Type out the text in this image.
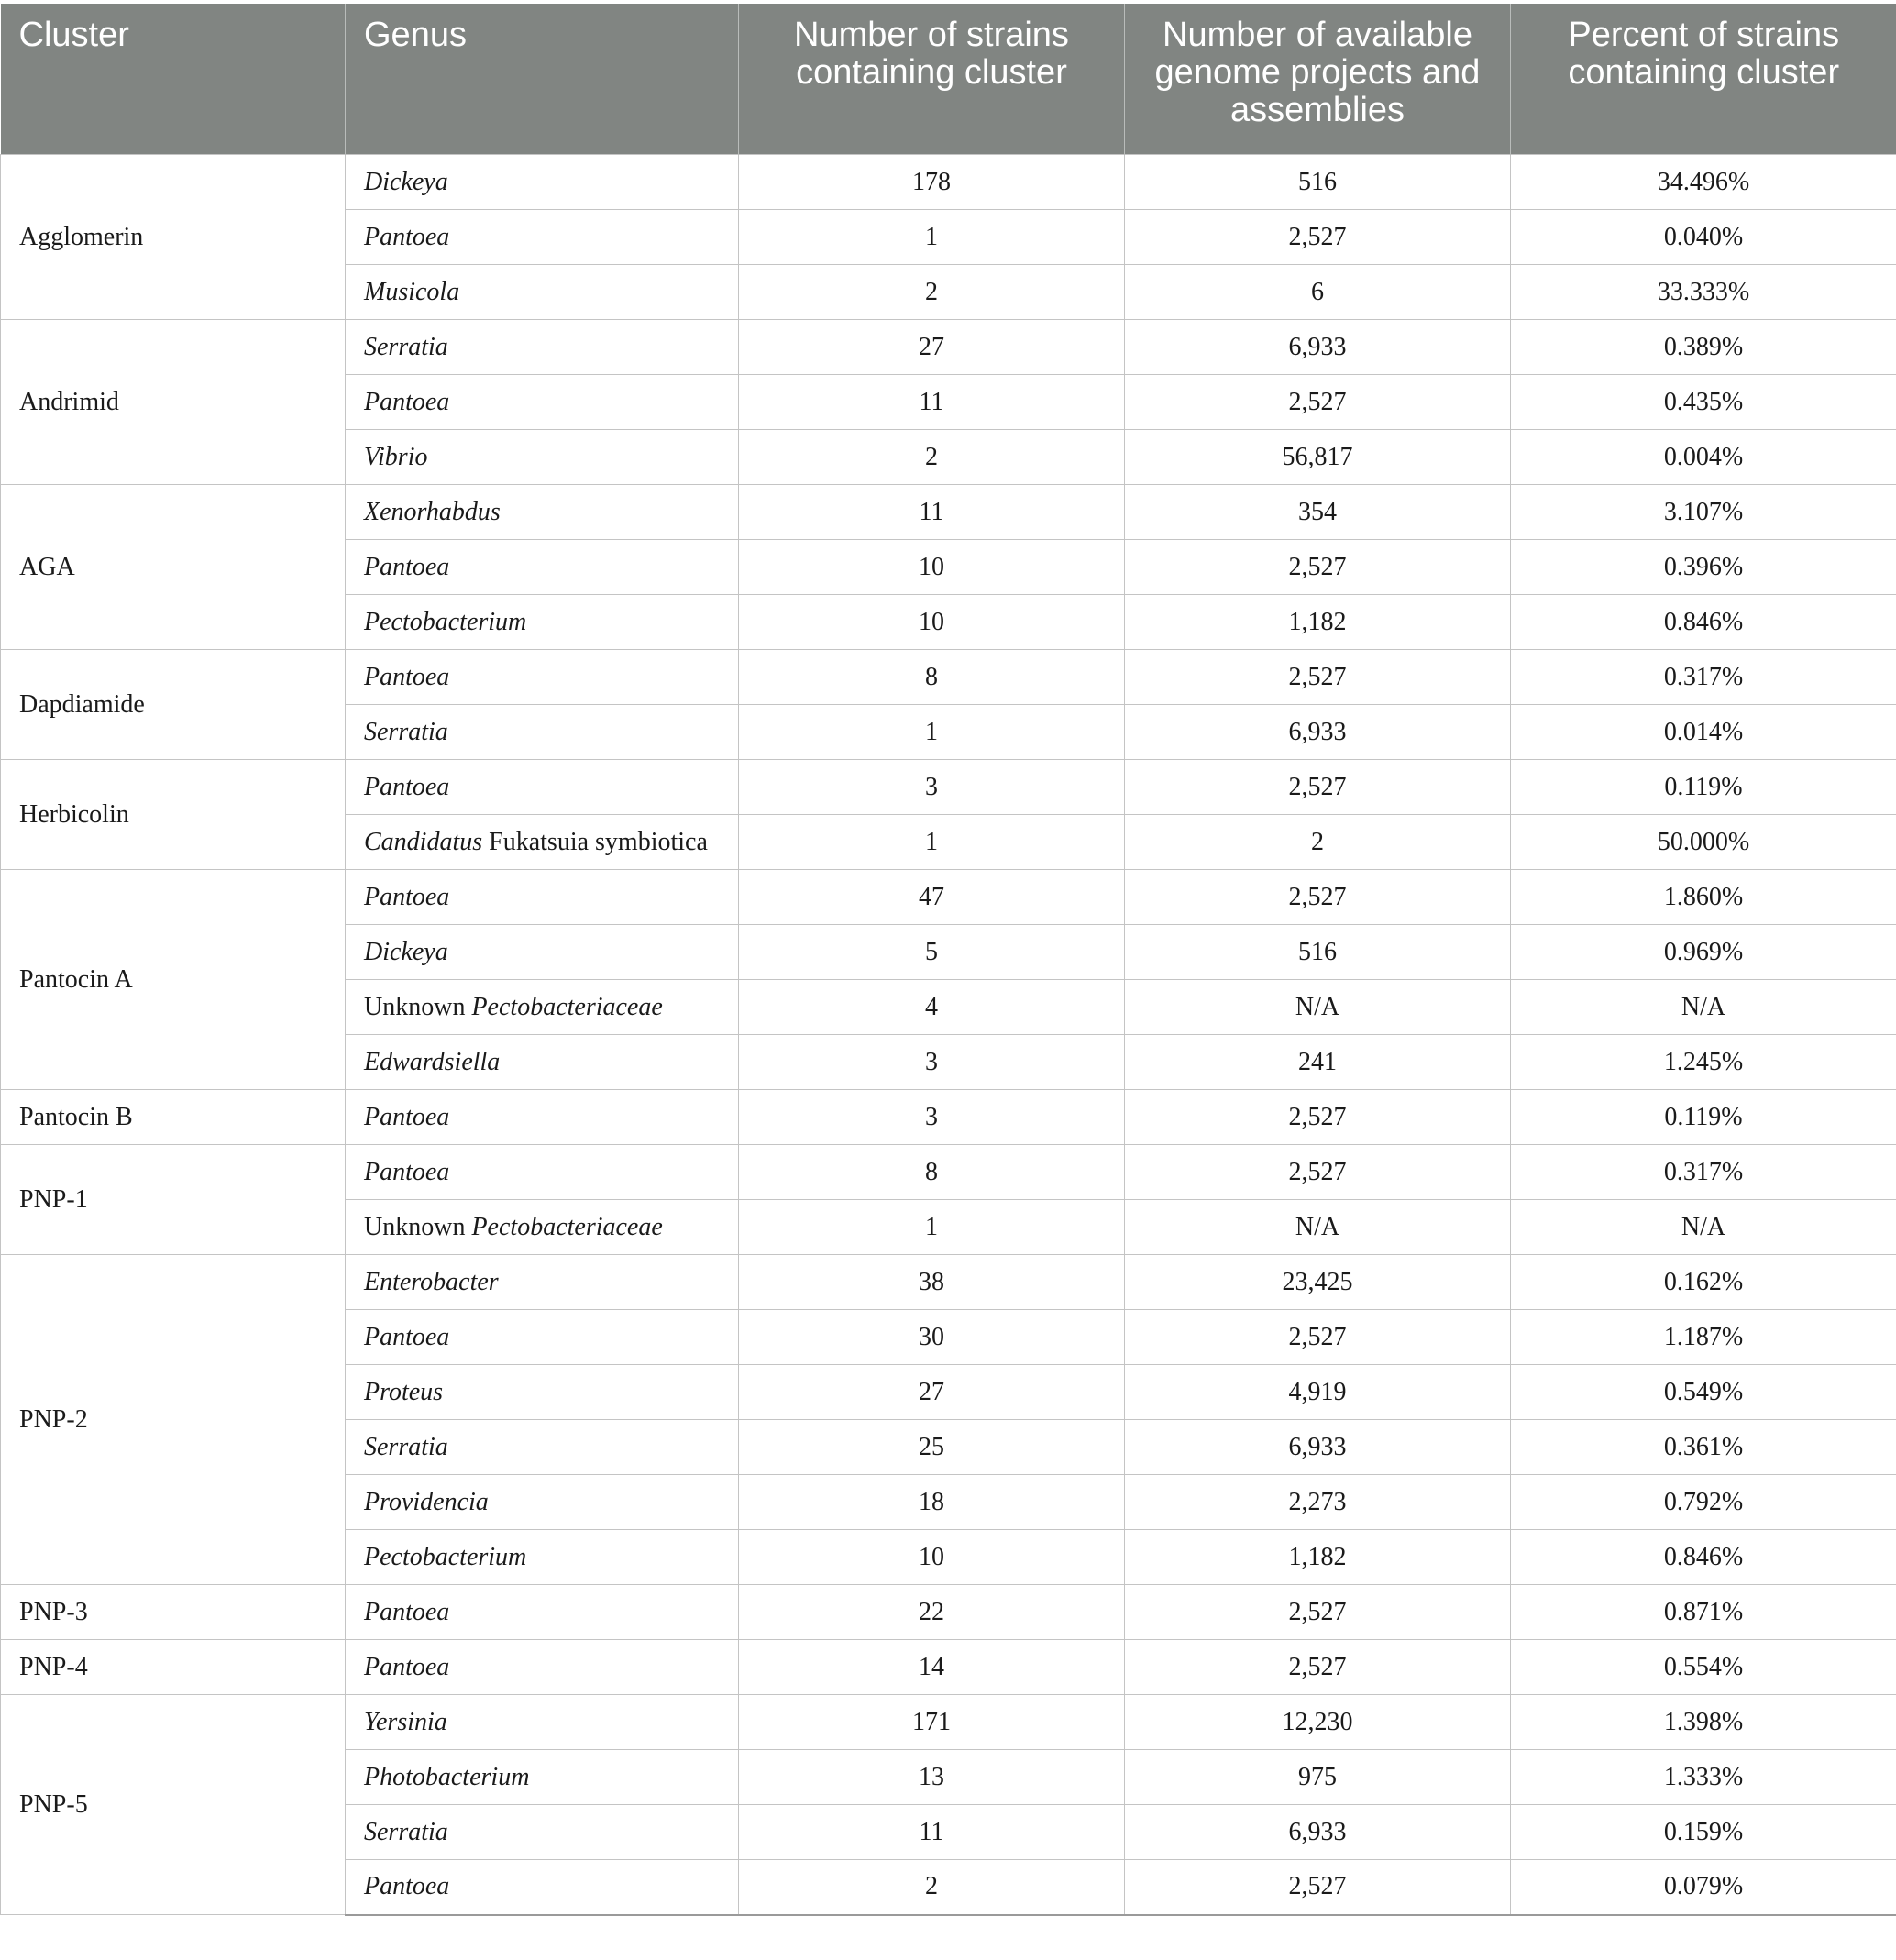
Cluster	Genus	Number of strains containing cluster	Number of available genome projects and assemblies	Percent of strains containing cluster
Agglomerin	Dickeya	178	516	34.496%
	Pantoea	1	2,527	0.040%
	Musicola	2	6	33.333%
Andrimid	Serratia	27	6,933	0.389%
	Pantoea	11	2,527	0.435%
	Vibrio	2	56,817	0.004%
AGA	Xenorhabdus	11	354	3.107%
	Pantoea	10	2,527	0.396%
	Pectobacterium	10	1,182	0.846%
Dapdiamide	Pantoea	8	2,527	0.317%
	Serratia	1	6,933	0.014%
Herbicolin	Pantoea	3	2,527	0.119%
	Candidatus Fukatsuia symbiotica	1	2	50.000%
Pantocin A	Pantoea	47	2,527	1.860%
	Dickeya	5	516	0.969%
	Unknown Pectobacteriaceae	4	N/A	N/A
	Edwardsiella	3	241	1.245%
Pantocin B	Pantoea	3	2,527	0.119%
PNP-1	Pantoea	8	2,527	0.317%
	Unknown Pectobacteriaceae	1	N/A	N/A
PNP-2	Enterobacter	38	23,425	0.162%
	Pantoea	30	2,527	1.187%
	Proteus	27	4,919	0.549%
	Serratia	25	6,933	0.361%
	Providencia	18	2,273	0.792%
	Pectobacterium	10	1,182	0.846%
PNP-3	Pantoea	22	2,527	0.871%
PNP-4	Pantoea	14	2,527	0.554%
PNP-5	Yersinia	171	12,230	1.398%
	Photobacterium	13	975	1.333%
	Serratia	11	6,933	0.159%
	Pantoea	2	2,527	0.079%
